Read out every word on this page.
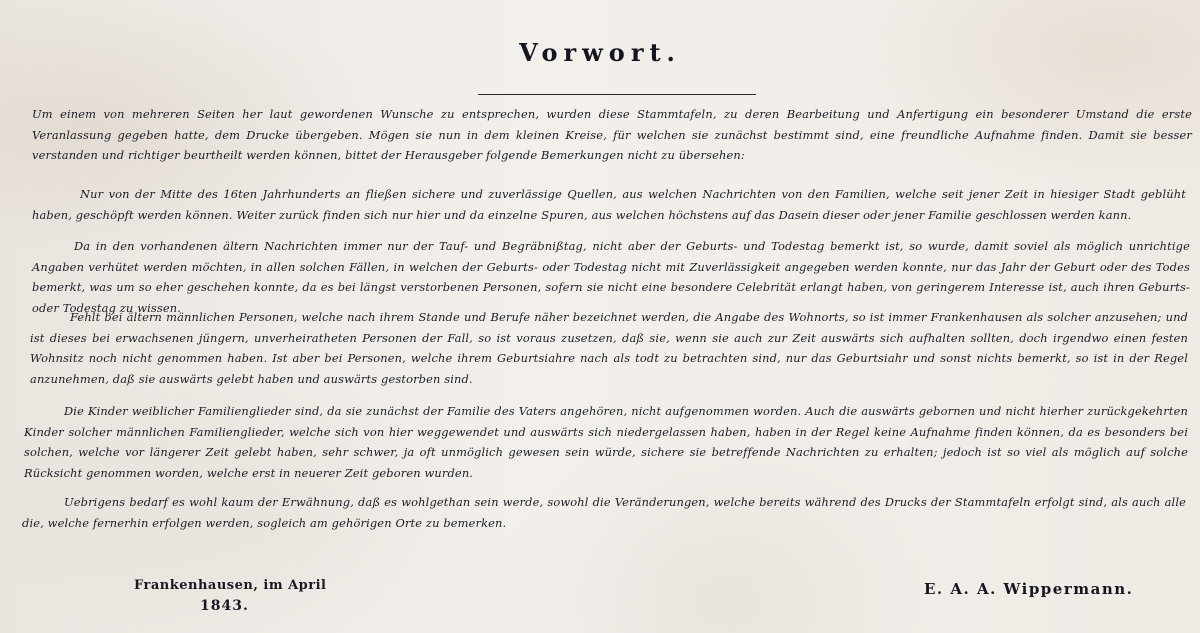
Vorwort.

Um einem von mehreren Seiten her laut gewordenen Wunsche zu entsprechen, wurden diese Stammtafeln, zu deren Bearbeitung und Anfertigung ein besonderer Umstand die erste Veranlassung gegeben hatte, dem Drucke übergeben. Mögen sie nun in dem kleinen Kreise, für welchen sie zunächst bestimmt sind, eine freundliche Aufnahme finden. Damit sie besser verstanden und richtiger beurtheilt werden können, bittet der Herausgeber folgende Bemerkungen nicht zu übersehen:

Nur von der Mitte des 16ten Jahrhunderts an fließen sichere und zuverlässige Quellen, aus welchen Nachrichten von den Familien, welche seit jener Zeit in hiesiger Stadt geblüht haben, geschöpft werden können. Weiter zurück finden sich nur hier und da einzelne Spuren, aus welchen höchstens auf das Dasein dieser oder jener Familie geschlossen werden kann.

Da in den vorhandenen ältern Nachrichten immer nur der Tauf- und Begräbnißtag, nicht aber der Geburts- und Todestag bemerkt ist, so wurde, damit soviel als möglich unrichtige Angaben verhütet werden möchten, in allen solchen Fällen, in welchen der Geburts- oder Todestag nicht mit Zuverlässigkeit angegeben werden konnte, nur das Jahr der Geburt oder des Todes bemerkt, was um so eher geschehen konnte, da es bei längst verstorbenen Personen, sofern sie nicht eine besondere Celebrität erlangt haben, von geringerem Interesse ist, auch ihren Geburts- oder Todestag zu wissen.

Fehlt bei ältern männlichen Personen, welche nach ihrem Stande und Berufe näher bezeichnet werden, die Angabe des Wohnorts, so ist immer Frankenhausen als solcher anzusehen; und ist dieses bei erwachsenen jüngern, unverheiratheten Personen der Fall, so ist voraus zusetzen, daß sie, wenn sie auch zur Zeit auswärts sich aufhalten sollten, doch irgendwo einen festen Wohnsitz noch nicht genommen haben. Ist aber bei Personen, welche ihrem Geburtsiahre nach als todt zu betrachten sind, nur das Geburtsiahr und sonst nichts bemerkt, so ist in der Regel anzunehmen, daß sie auswärts gelebt haben und auswärts gestorben sind.

Die Kinder weiblicher Familienglieder sind, da sie zunächst der Familie des Vaters angehören, nicht aufgenommen worden. Auch die auswärts gebornen und nicht hierher zurückgekehrten Kinder solcher männlichen Familienglieder, welche sich von hier weggewendet und auswärts sich niedergelassen haben, haben in der Regel keine Aufnahme finden können, da es besonders bei solchen, welche vor längerer Zeit gelebt haben, sehr schwer, ja oft unmöglich gewesen sein würde, sichere sie betreffende Nachrichten zu erhalten; jedoch ist so viel als möglich auf solche Rücksicht genommen worden, welche erst in neuerer Zeit geboren wurden.

Uebrigens bedarf es wohl kaum der Erwähnung, daß es wohlgethan sein werde, sowohl die Veränderungen, welche bereits während des Drucks der Stammtafeln erfolgt sind, als auch alle die, welche fernerhin erfolgen werden, sogleich am gehörigen Orte zu bemerken.

Frankenhausen, im April
1843.
E. A. A. Wippermann.
